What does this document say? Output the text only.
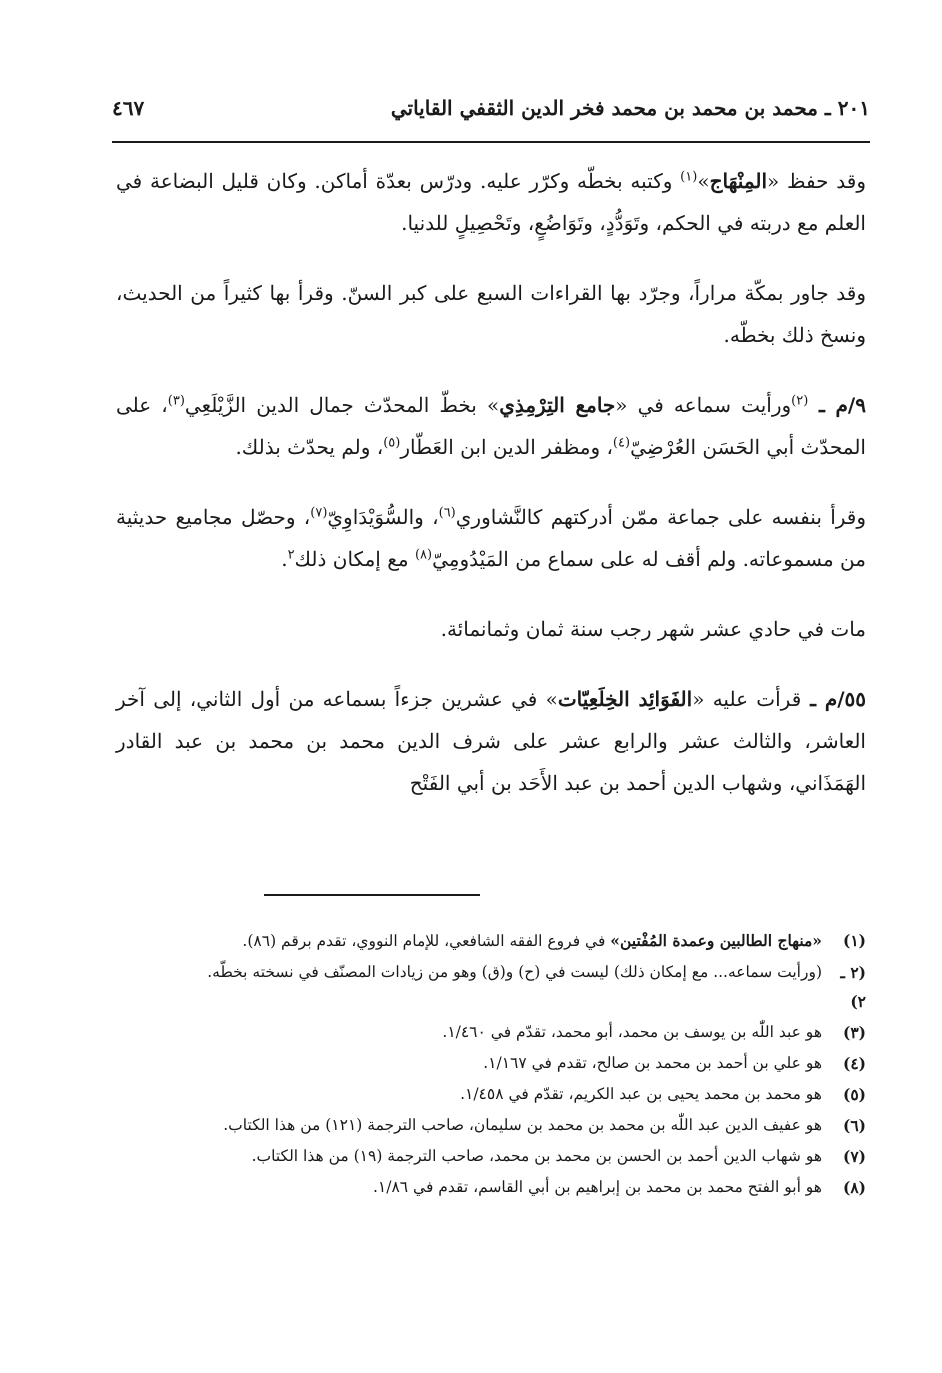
٢٠١ ـ محمد بن محمد بن محمد فخر الدين الثقفي القاياتي
٤٦٧

وقد حفظ «المِنْهَاج»$^{(١)}$ وكتبه بخطّه وكرّر عليه. ودرّس بعدّة أماكن. وكان قليل البضاعة في العلم مع دربته في الحكم، وتَوَدُّدٍ، وتَوَاضُعٍ، وتَحْصِيلٍ للدنيا.

وقد جاور بمكّة مراراً، وجرّد بها القراءات السبع على كبر السنّ. وقرأ بها كثيراً من الحديث، ونسخ ذلك بخطّه.

٩/م ـ $^{(٢)}$ورأيت سماعه في «جامع التِرْمِذِي» بخطّ المحدّث جمال الدين الزَّيْلَعِي$^{(٣)}$، على المحدّث أبي الحَسَن العُرْضِيّ$^{(٤)}$، ومظفر الدين ابن العَطّار$^{(٥)}$، ولم يحدّث بذلك.

وقرأ بنفسه على جماعة ممّن أدركتهم كالنَّشاوري$^{(٦)}$، والسُّوَيْدَاوِيّ$^{(٧)}$، وحصّل مجاميع حديثية من مسموعاته. ولم أقف له على سماع من المَيْدُومِيّ$^{(٨)}$ مع إمكان ذلك$^٢$.

مات في حادي عشر شهر رجب سنة ثمان وثمانمائة.

٥٥/م ـ قرأت عليه «الفَوَائِد الخِلَعِيّات» في عشرين جزءاً بسماعه من أول الثاني، إلى آخر العاشر، والثالث عشر والرابع عشر على شرف الدين محمد بن محمد بن عبد القادر الهَمَذَاني، وشهاب الدين أحمد بن عبد الأَحَد بن أبي الفَتْح

(١)
«منهاج الطالبين وعمدة المُفْتين» في فروع الفقه الشافعي، للإمام النووي، تقدم برقم (٨٦).
(٢ ـ ٢)
(ورأيت سماعه... مع إمكان ذلك) ليست في (ح) و(ق) وهو من زيادات المصنّف في نسخته بخطّه.
(٣)
هو عبد اللّٰه بن يوسف بن محمد، أبو محمد، تقدّم في ١/٤٦٠.
(٤)
هو علي بن أحمد بن محمد بن صالح، تقدم في ١/١٦٧.
(٥)
هو محمد بن محمد يحيى بن عبد الكريم، تقدّم في ١/٤٥٨.
(٦)
هو عفيف الدين عبد اللّٰه بن محمد بن محمد بن سليمان، صاحب الترجمة (١٢١) من هذا الكتاب.
(٧)
هو شهاب الدين أحمد بن الحسن بن محمد بن محمد، صاحب الترجمة (١٩) من هذا الكتاب.
(٨)
هو أبو الفتح محمد بن محمد بن إبراهيم بن أبي القاسم، تقدم في ١/٨٦.
